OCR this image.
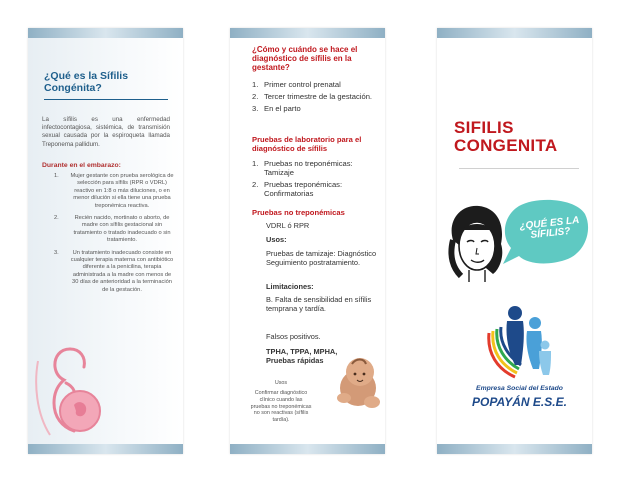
¿Qué es la Sífilis Congénita?
La sífilis es una enfermedad infectocontagiosa, sistémica, de transmisión sexual causada por la espiroqueta llamada Treponema pallidum.
Durante en el embarazo:
1. Mujer gestante con prueba serológica de selección para sífilis (RPR o VDRL) reactivo en 1:8 o más diluciones, o en menor dilución si ella tiene una prueba treponémica reactiva.
2.	Recién nacido, mortinato o aborto, de madre con sífilis gestacional sin tratamiento o tratado inadecuado o sin tratamiento.
3. Un tratamiento inadecuado consiste en cualquier terapia materna con antibiótico diferente a la penicilina, terapia administrada a la madre con menos de 30 días de anterioridad a la terminación de la gestación.
¿Cómo y cuándo se hace el diagnóstico de sífilis en la gestante?
1. Primer control prenatal
2. Tercer trimestre de la gestación.
3. En el parto
Pruebas de laboratorio para el diagnóstico de sífilis
1. Pruebas no treponémicas: Tamizaje
2. Pruebas treponémicas: Confirmatorias
Pruebas no treponémicas
VDRL ó RPR
Usos:
Pruebas de tamizaje: Diagnóstico Seguimiento postratamiento.
Limitaciones:
B. Falta de sensibilidad en sífilis temprana y tardía.
Falsos positivos.
TPHA, TPPA, MPHA, Pruebas rápidas
Usos
Confirmar diagnóstico clínico cuando las pruebas no treponémicas no son reactivas (sífilis tardía).
SIFILIS CONGENITA
¿QUÉ ES LA SÍFILIS?
Empresa Social del Estado
POPAYÁN E.S.E.
